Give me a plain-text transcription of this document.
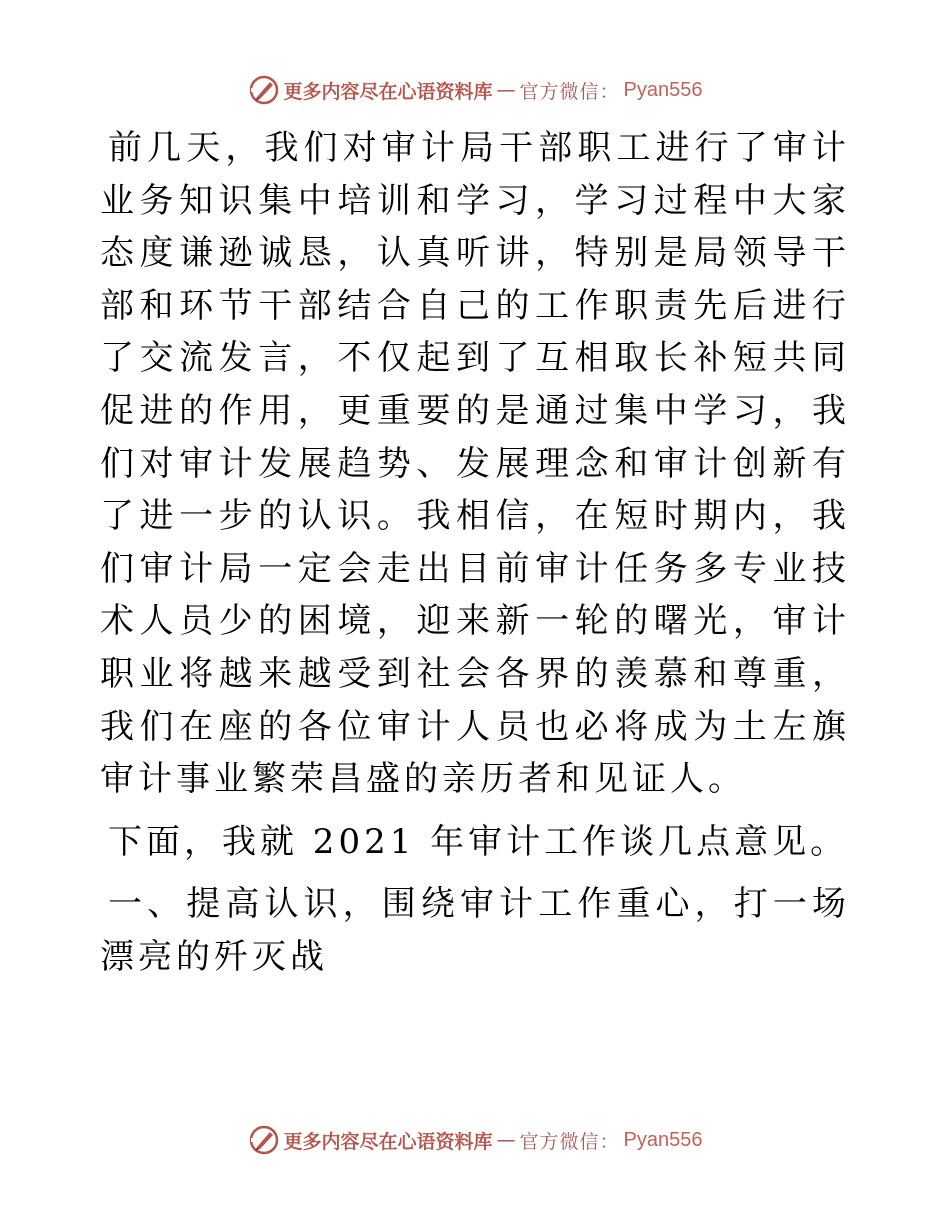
更多内容尽在心语资料库 — 官方微信： Pyan556

前几天，我们对审计局干部职工进行了审计业务知识集中培训和学习，学习过程中大家态度谦逊诚恳，认真听讲，特别是局领导干部和环节干部结合自己的工作职责先后进行了交流发言，不仅起到了互相取长补短共同促进的作用，更重要的是通过集中学习，我们对审计发展趋势、发展理念和审计创新有了进一步的认识。我相信，在短时期内，我们审计局一定会走出目前审计任务多专业技术人员少的困境，迎来新一轮的曙光，审计职业将越来越受到社会各界的羡慕和尊重，我们在座的各位审计人员也必将成为土左旗审计事业繁荣昌盛的亲历者和见证人。

下面，我就 2021 年审计工作谈几点意见。

一、提高认识，围绕审计工作重心，打一场漂亮的歼灭战

更多内容尽在心语资料库 — 官方微信： Pyan556
